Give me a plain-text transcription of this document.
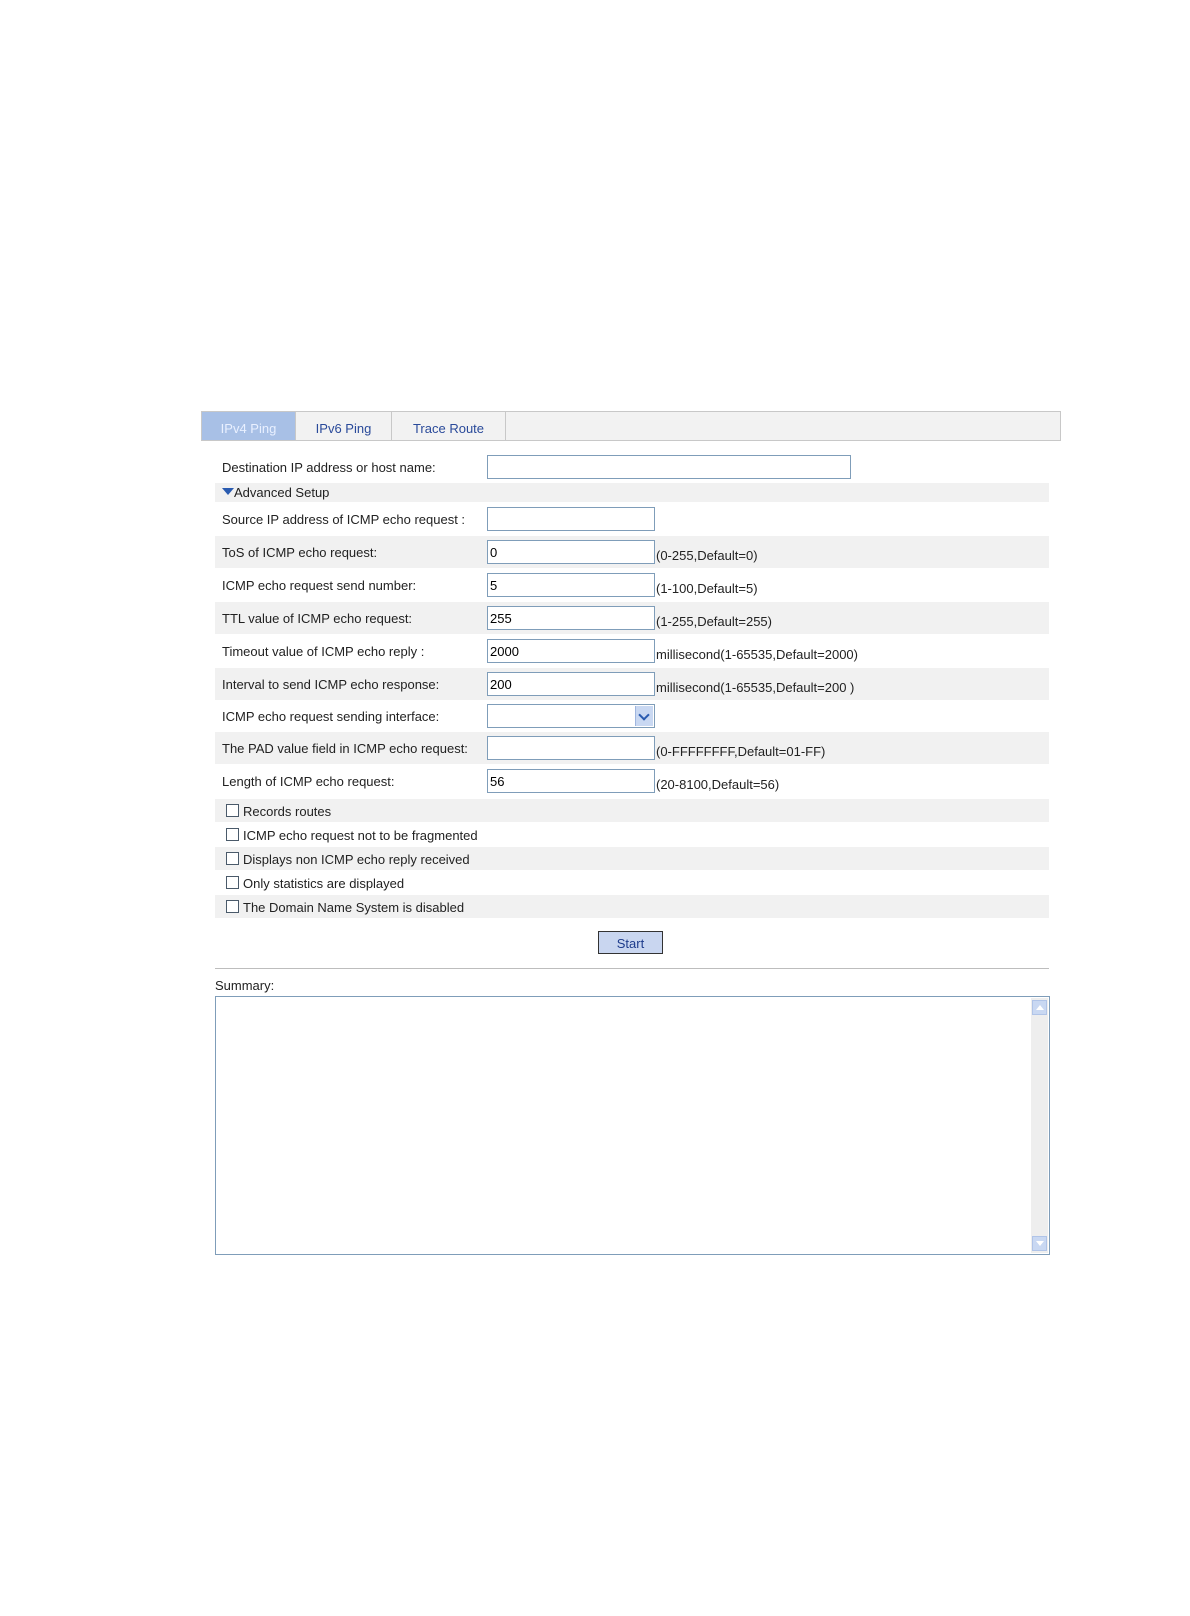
IPv4 Ping	IPv6 Ping	Trace Route
Destination IP address or host name:
Advanced Setup
Source IP address of ICMP echo request :
ToS of ICMP echo request:
0	(0-255,Default=0)
ICMP echo request send number:
5	(1-100,Default=5)
TTL value of ICMP echo request:
255	(1-255,Default=255)
Timeout value of ICMP echo reply :
2000	millisecond(1-65535,Default=2000)
Interval to send ICMP echo response:
200	millisecond(1-65535,Default=200 )
ICMP echo request sending interface:
The PAD value field in ICMP echo request:	(0-FFFFFFFF,Default=01-FF)
Length of ICMP echo request:
56	(20-8100,Default=56)
Records routes
ICMP echo request not to be fragmented
Displays non ICMP echo reply received
Only statistics are displayed
The Domain Name System is disabled
Start
Summary:
